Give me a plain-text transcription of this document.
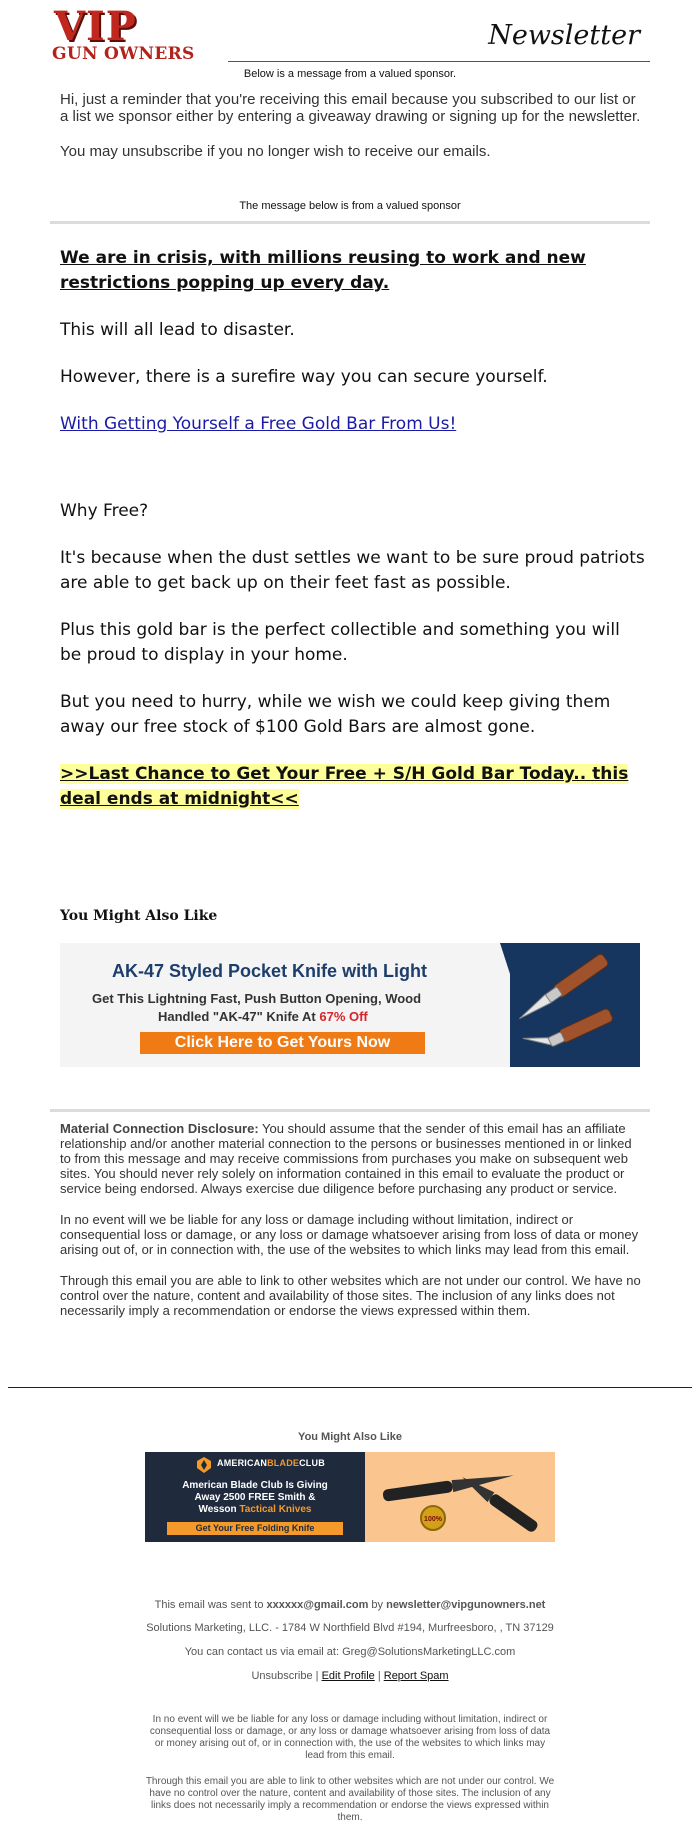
VIP
GUN OWNERS
Newsletter
Below is a message from a valued sponsor.

Hi, just a reminder that you're receiving this email because you subscribed to our list or a list we sponsor either by entering a giveaway drawing or signing up for the newsletter.

You may unsubscribe if you no longer wish to receive our emails.

The message below is from a valued sponsor

We are in crisis, with millions reusing to work and new restrictions popping up every day.

This will all lead to disaster.

However, there is a surefire way you can secure yourself.

With Getting Yourself a Free Gold Bar From Us!

Why Free?

It's because when the dust settles we want to be sure proud patriots are able to get back up on their feet fast as possible.

Plus this gold bar is the perfect collectible and something you will be proud to display in your home.

But you need to hurry, while we wish we could keep giving them away our free stock of $100 Gold Bars are almost gone.

>>Last Chance to Get Your Free + S/H Gold Bar Today.. this deal ends at midnight<<

You Might Also Like
AK-47 Styled Pocket Knife with Light
Get This Lightning Fast, Push Button Opening, Wood
Handled "AK-47" Knife At 67% Off
Click Here to Get Yours Now

Material Connection Disclosure: You should assume that the sender of this email has an affiliate relationship and/or another material connection to the persons or businesses mentioned in or linked to from this message and may receive commissions from purchases you make on subsequent web sites. You should never rely solely on information contained in this email to evaluate the product or service being endorsed. Always exercise due diligence before purchasing any product or service.

In no event will we be liable for any loss or damage including without limitation, indirect or consequential loss or damage, or any loss or damage whatsoever arising from loss of data or money arising out of, or in connection with, the use of the websites to which links may lead from this email.

Through this email you are able to link to other websites which are not under our control. We have no control over the nature, content and availability of those sites. The inclusion of any links does not necessarily imply a recommendation or endorse the views expressed within them.

You Might Also Like
AMERICANBLADECLUB
American Blade Club Is Giving
Away 2500 FREE Smith &
Wesson Tactical Knives
Get Your Free Folding Knife
100%
This email was sent to xxxxxx@gmail.com by newsletter@vipgunowners.net
Solutions Marketing, LLC. - 1784 W Northfield Blvd #194, Murfreesboro, , TN 37129
You can contact us via email at: Greg@SolutionsMarketingLLC.com
Unsubscribe | Edit Profile | Report Spam
In no event will we be liable for any loss or damage including without limitation, indirect or consequential loss or damage, or any loss or damage whatsoever arising from loss of data or money arising out of, or in connection with, the use of the websites to which links may lead from this email.
Through this email you are able to link to other websites which are not under our control. We have no control over the nature, content and availability of those sites. The inclusion of any links does not necessarily imply a recommendation or endorse the views expressed within them.
